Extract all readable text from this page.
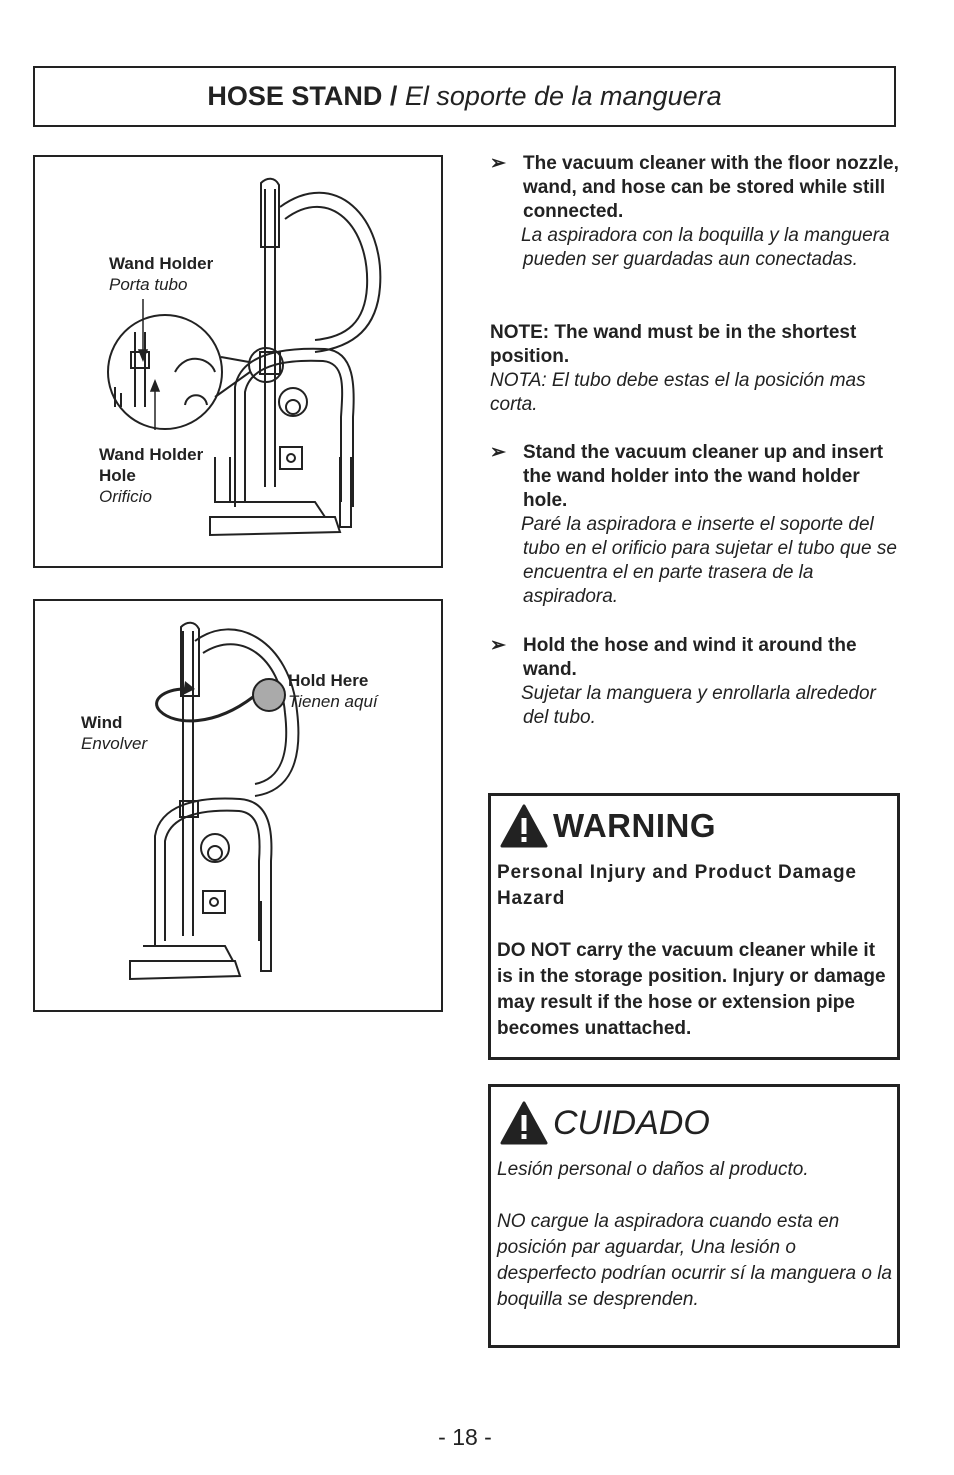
HOSE STAND /
El soporte de la manguera
Wand Holder
Porta tubo
Wand Holder
Hole
Orificio
Hold Here
Tienen aquí
Wind
Envolver
➢ The vacuum cleaner with the floor nozzle, wand, and hose can be stored while still connected.
La aspiradora con la boquilla y la manguera pueden ser guardadas aun conectadas.
NOTE: The wand must be in the shortest position.
NOTA: El tubo debe estas el la posición mas corta.
➢ Stand the vacuum cleaner up and insert the wand holder into the wand holder hole.
Paré la aspiradora e inserte el soporte del tubo en el orificio para sujetar el tubo que se encuentra el en parte trasera de la aspiradora.
➢ Hold the hose and wind it around the wand.
Sujetar la manguera y enrollarla alrededor del tubo.
WARNING

Personal Injury and Product Damage Hazard

DO NOT carry the vacuum cleaner while it is in the storage position. Injury or damage may result if the hose or extension pipe becomes unattached.

CUIDADO

Lesión personal o daños al producto.

NO cargue la aspiradora cuando esta en posición par aguardar, Una lesión o desperfecto podrían ocurrir sí la manguera o la boquilla se desprenden.

- 18 -
